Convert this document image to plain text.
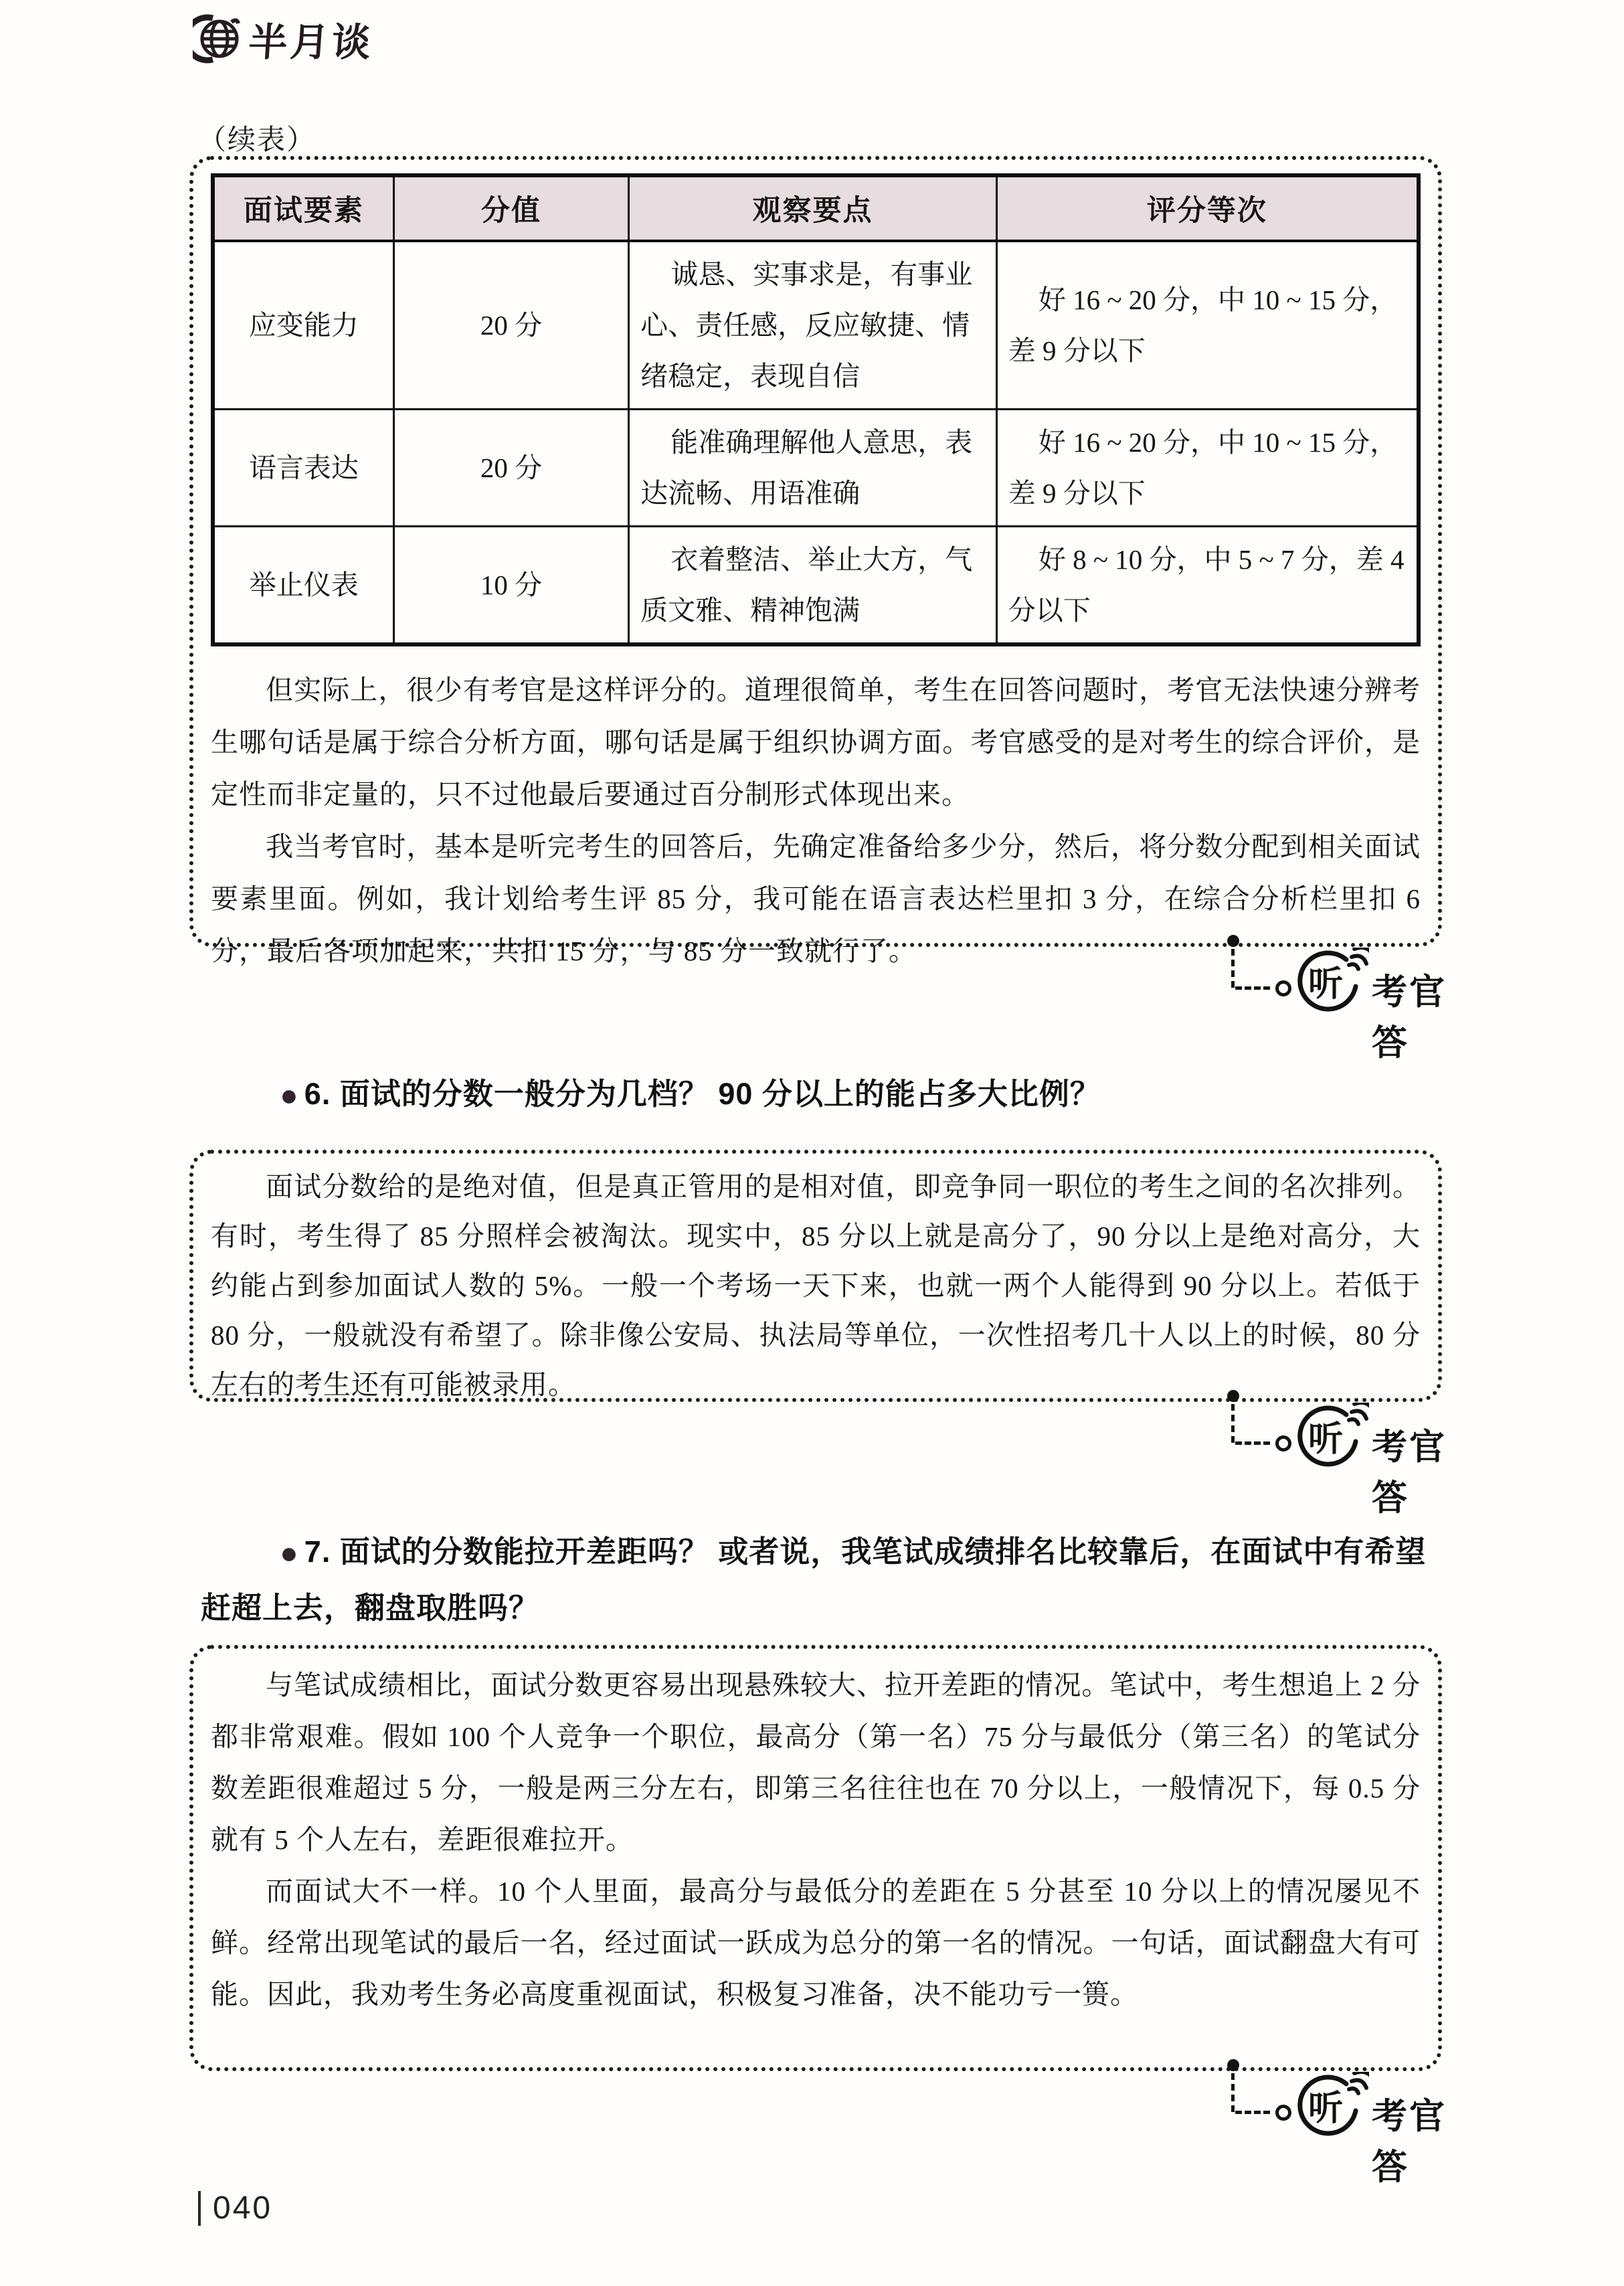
半月谈
（续表）
面试要素	分值	观察要点	评分等次
应变能力	20 分	诚恳、实事求是，有事业心、责任感，反应敏捷、情绪稳定，表现自信	好 16 ~ 20 分，中 10 ~ 15 分，差 9 分以下
语言表达	20 分	能准确理解他人意思，表达流畅、用语准确	好 16 ~ 20 分，中 10 ~ 15 分，差 9 分以下
举止仪表	10 分	衣着整洁、举止大方，气质文雅、精神饱满	好 8 ~ 10 分，中 5 ~ 7 分，差 4 分以下

但实际上，很少有考官是这样评分的。道理很简单，考生在回答问题时，考官无法快速分辨考生哪句话是属于综合分析方面，哪句话是属于组织协调方面。考官感受的是对考生的综合评价，是定性而非定量的，只不过他最后要通过百分制形式体现出来。

我当考官时，基本是听完考生的回答后，先确定准备给多少分，然后，将分数分配到相关面试要素里面。例如，我计划给考生评 85 分，我可能在语言表达栏里扣 3 分，在综合分析栏里扣 6 分，最后各项加起来，共扣 15 分，与 85 分一致就行了。

听 考官答

● 6. 面试的分数一般分为几档？ 90 分以上的能占多大比例？

面试分数给的是绝对值，但是真正管用的是相对值，即竞争同一职位的考生之间的名次排列。有时，考生得了 85 分照样会被淘汰。现实中，85 分以上就是高分了，90 分以上是绝对高分，大约能占到参加面试人数的 5%。一般一个考场一天下来，也就一两个人能得到 90 分以上。若低于 80 分，一般就没有希望了。除非像公安局、执法局等单位，一次性招考几十人以上的时候，80 分左右的考生还有可能被录用。

听 考官答

● 7. 面试的分数能拉开差距吗？ 或者说，我笔试成绩排名比较靠后，在面试中有希望赶超上去，翻盘取胜吗？

与笔试成绩相比，面试分数更容易出现悬殊较大、拉开差距的情况。笔试中，考生想追上 2 分都非常艰难。假如 100 个人竞争一个职位，最高分（第一名）75 分与最低分（第三名）的笔试分数差距很难超过 5 分，一般是两三分左右，即第三名往往也在 70 分以上，一般情况下，每 0.5 分就有 5 个人左右，差距很难拉开。

而面试大不一样。10 个人里面，最高分与最低分的差距在 5 分甚至 10 分以上的情况屡见不鲜。经常出现笔试的最后一名，经过面试一跃成为总分的第一名的情况。一句话，面试翻盘大有可能。因此，我劝考生务必高度重视面试，积极复习准备，决不能功亏一篑。

听 考官答
040
